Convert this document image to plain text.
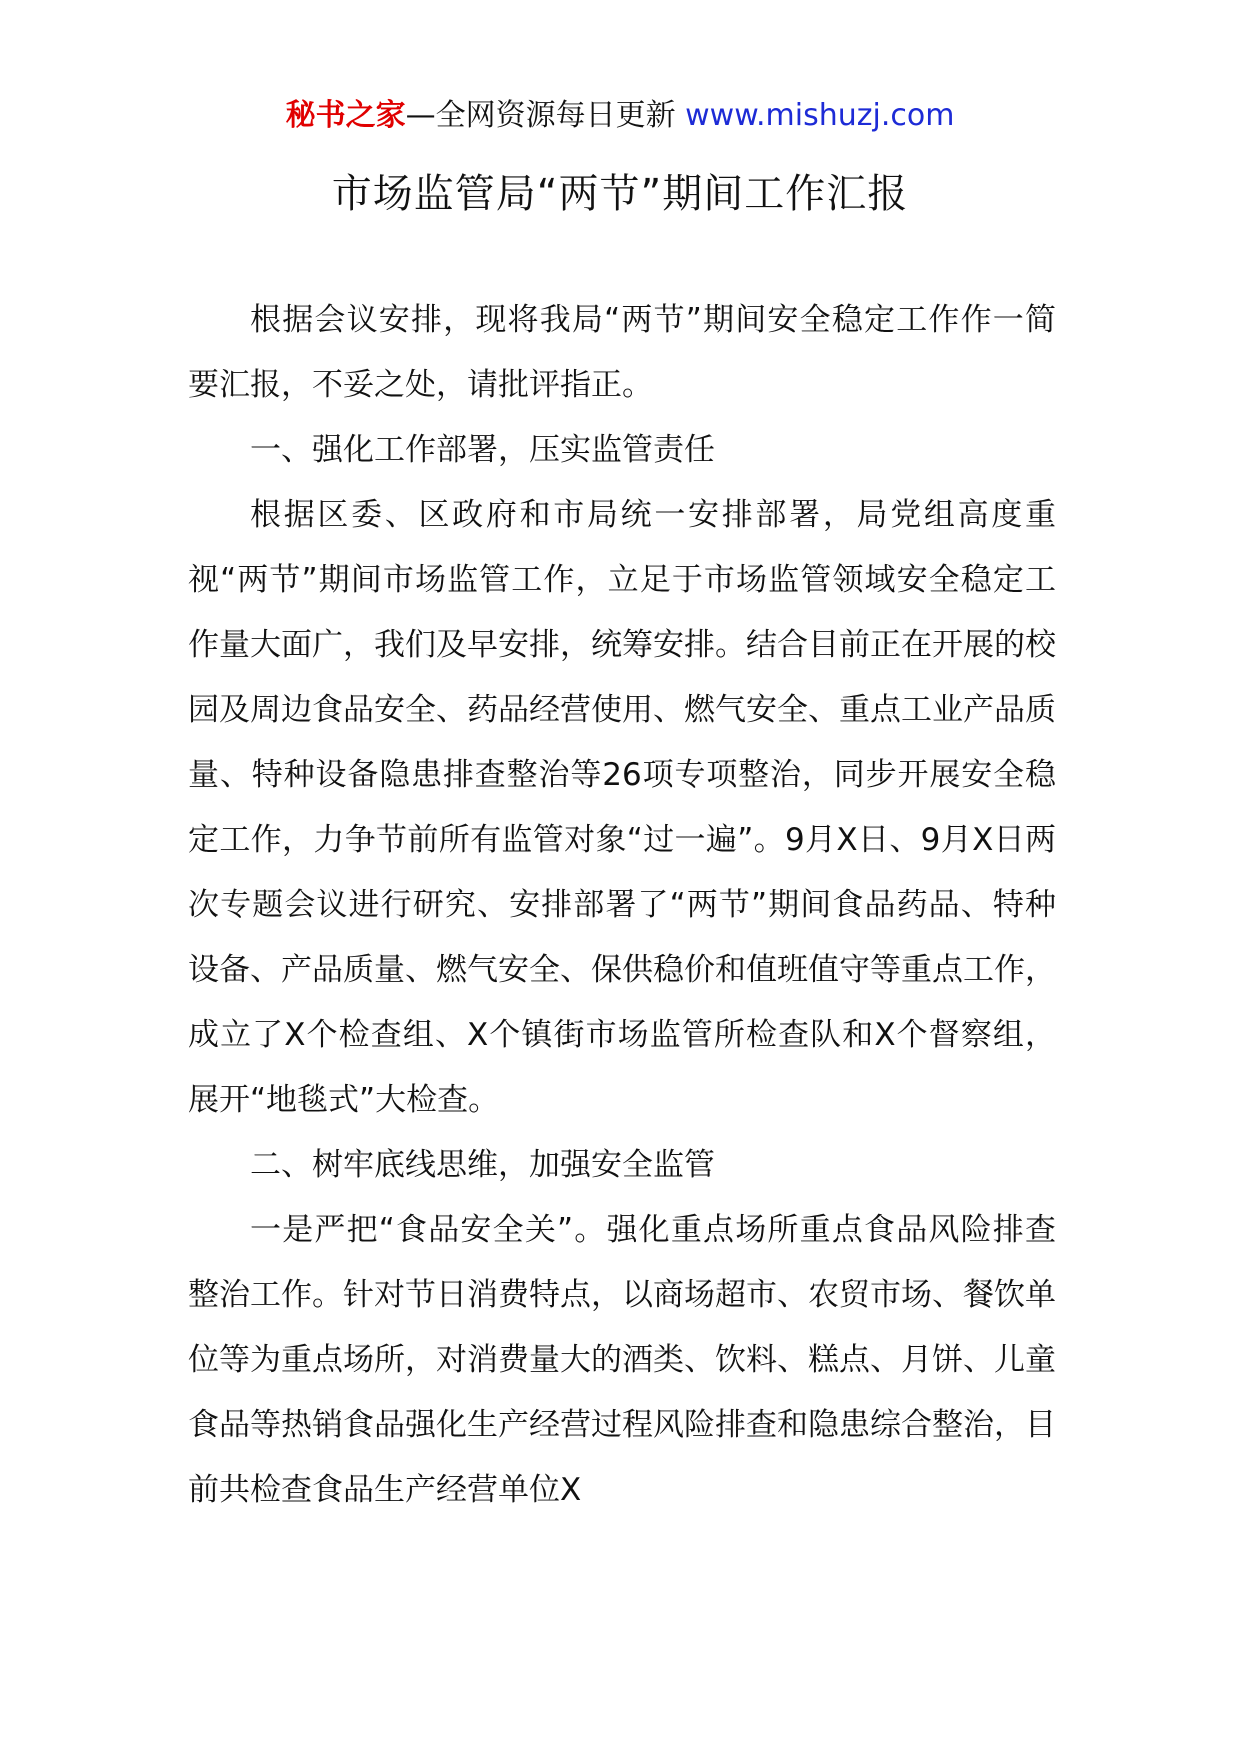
秘书之家—全网资源每日更新 www.mishuzj.com
市场监管局“两节”期间工作汇报

根据会议安排，现将我局“两节”期间安全稳定工作作一简要汇报，不妥之处，请批评指正。

一、强化工作部署，压实监管责任

根据区委、区政府和市局统一安排部署，局党组高度重视“两节”期间市场监管工作，立足于市场监管领域安全稳定工作量大面广，我们及早安排，统筹安排。结合目前正在开展的校园及周边食品安全、药品经营使用、燃气安全、重点工业产品质量、特种设备隐患排查整治等26项专项整治，同步开展安全稳定工作，力争节前所有监管对象“过一遍”。9月X日、9月X日两次专题会议进行研究、安排部署了“两节”期间食品药品、特种设备、产品质量、燃气安全、保供稳价和值班值守等重点工作，成立了X个检查组、X个镇街市场监管所检查队和X个督察组，展开“地毯式”大检查。

二、树牢底线思维，加强安全监管

一是严把“食品安全关”。强化重点场所重点食品风险排查整治工作。针对节日消费特点，以商场超市、农贸市场、餐饮单位等为重点场所，对消费量大的酒类、饮料、糕点、月饼、儿童食品等热销食品强化生产经营过程风险排查和隐患综合整治，目前共检查食品生产经营单位X
